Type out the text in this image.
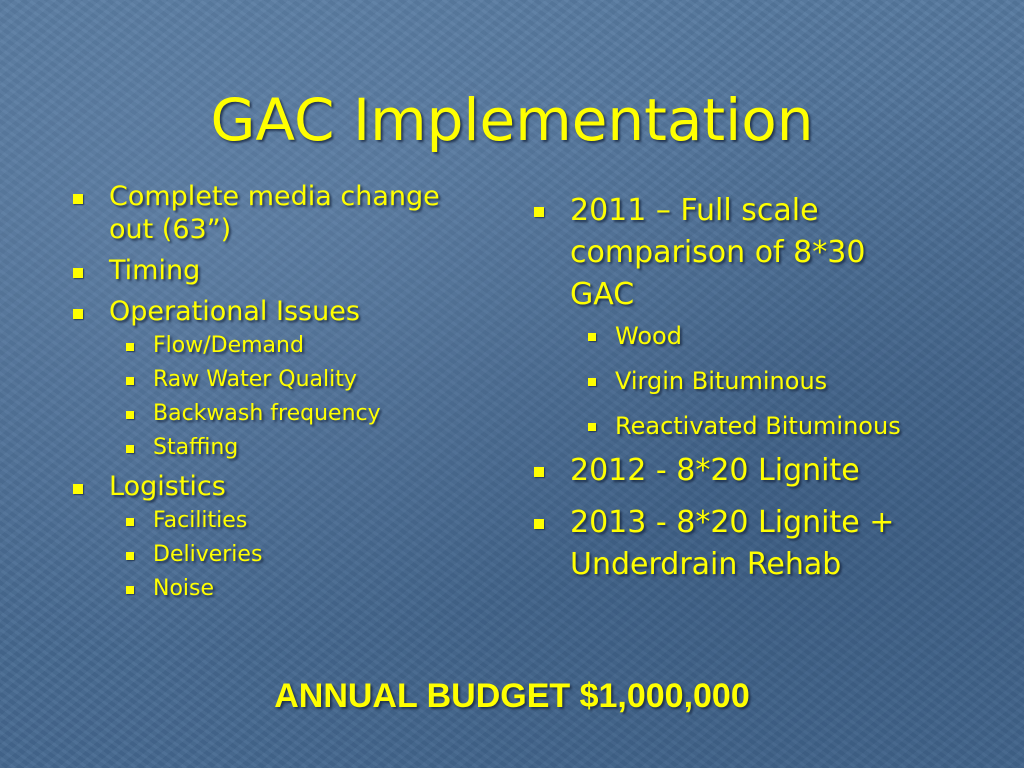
GAC Implementation
Complete media change out (63”)
Timing
Operational Issues
Flow/Demand
Raw Water Quality
Backwash frequency
Staffing
Logistics
Facilities
Deliveries
Noise
2011 – Full scale comparison of 8*30 GAC
Wood
Virgin Bituminous
Reactivated Bituminous
2012 - 8*20 Lignite
2013 - 8*20 Lignite + Underdrain Rehab
ANNUAL BUDGET $1,000,000
